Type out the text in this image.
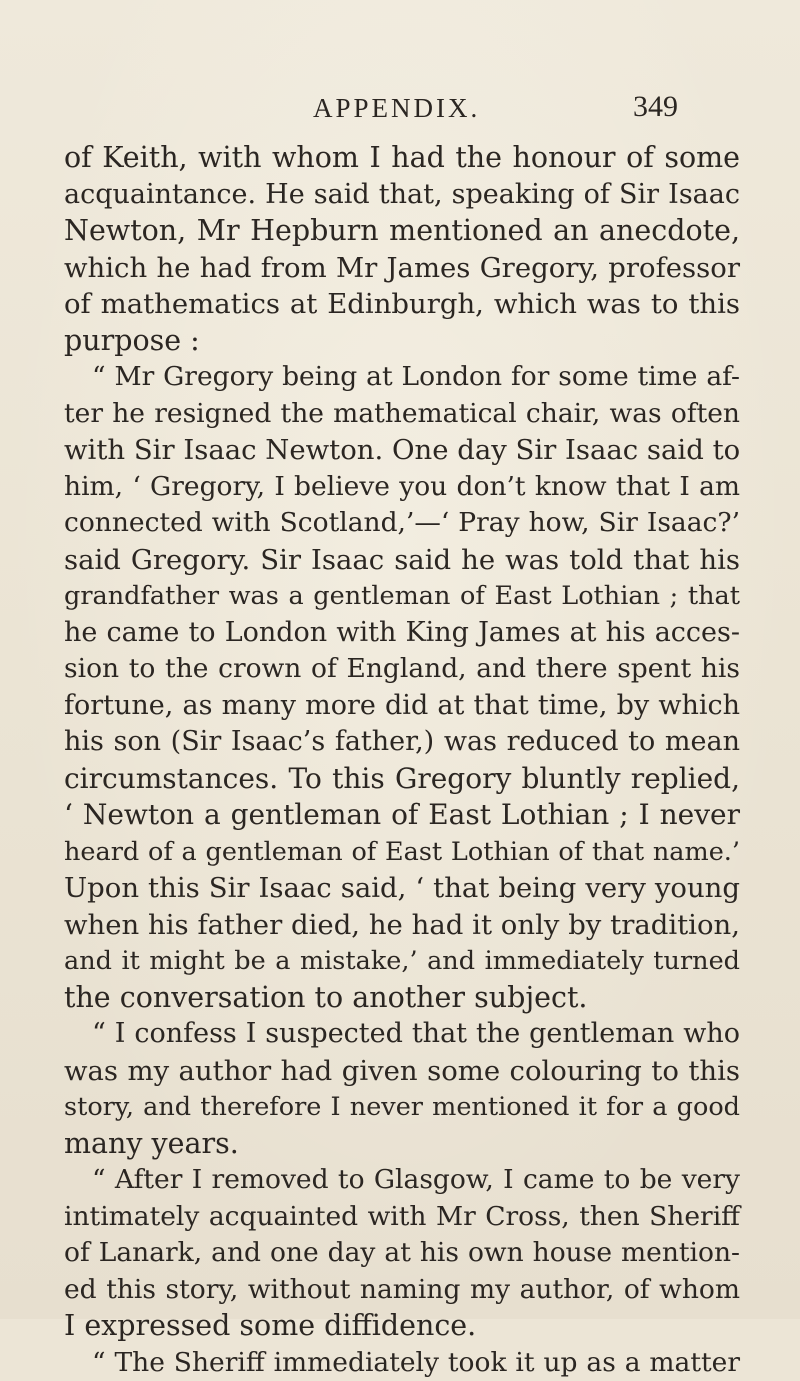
APPENDIX.	349
of Keith, with whom I had the honour of some
acquaintance. He said that, speaking of Sir Isaac
Newton, Mr Hepburn mentioned an anecdote,
which he had from Mr James Gregory, professor
of mathematics at Edinburgh, which was to this
purpose :
“ Mr Gregory being at London for some time af-
ter he resigned the mathematical chair, was often
with Sir Isaac Newton. One day Sir Isaac said to
him, ‘ Gregory, I believe you don’t know that I am
connected with Scotland,’—‘ Pray how, Sir Isaac?’
said Gregory. Sir Isaac said he was told that his
grandfather was a gentleman of East Lothian ; that
he came to London with King James at his acces-
sion to the crown of England, and there spent his
fortune, as many more did at that time, by which
his son (Sir Isaac’s father,) was reduced to mean
circumstances. To this Gregory bluntly replied,
‘ Newton a gentleman of East Lothian ; I never
heard of a gentleman of East Lothian of that name.’
Upon this Sir Isaac said, ‘ that being very young
when his father died, he had it only by tradition,
and it might be a mistake,’ and immediately turned
the conversation to another subject.
“ I confess I suspected that the gentleman who
was my author had given some colouring to this
story, and therefore I never mentioned it for a good
many years.
“ After I removed to Glasgow, I came to be very
intimately acquainted with Mr Cross, then Sheriff
of Lanark, and one day at his own house mention-
ed this story, without naming my author, of whom
I expressed some diffidence.
“ The Sheriff immediately took it up as a matter
